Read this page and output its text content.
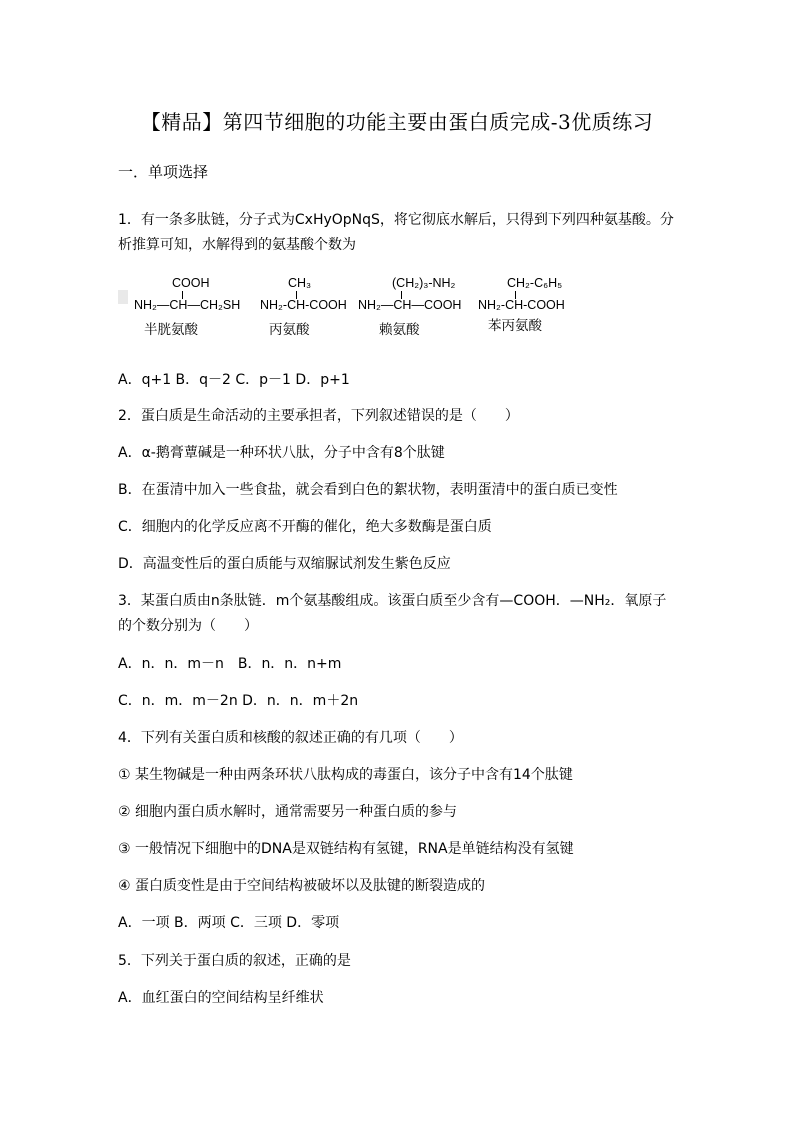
【精品】第四节细胞的功能主要由蛋白质完成-3优质练习
一．单项选择
1．有一条多肽链，分子式为CxHyOpNqS，将它彻底水解后，只得到下列四种氨基酸。分
析推算可知，水解得到的氨基酸个数为
COOH
NH₂—CH—CH₂SH
半胱氨酸
CH₃
NH₂-CH-COOH
丙氨酸
(CH₂)₃-NH₂
NH₂—CH—COOH
赖氨酸
CH₂-C₆H₅
NH₂-CH-COOH
苯丙氨酸
A．q+1 B．q－2 C．p－1 D．p+1
2．蛋白质是生命活动的主要承担者，下列叙述错误的是（　　）
A．α-鹅膏蕈碱是一种环状八肽，分子中含有8个肽键
B．在蛋清中加入一些食盐，就会看到白色的絮状物，表明蛋清中的蛋白质已变性
C．细胞内的化学反应离不开酶的催化，绝大多数酶是蛋白质
D．高温变性后的蛋白质能与双缩脲试剂发生紫色反应
3．某蛋白质由n条肽链．m个氨基酸组成。该蛋白质至少含有—COOH．—NH₂．氧原子
的个数分别为（　　）
A．n．n．m－n　B．n．n．n+m
C．n．m．m－2n D．n．n．m＋2n
4．下列有关蛋白质和核酸的叙述正确的有几项（　　）
① 某生物碱是一种由两条环状八肽构成的毒蛋白，该分子中含有14个肽键
② 细胞内蛋白质水解时，通常需要另一种蛋白质的参与
③ 一般情况下细胞中的DNA是双链结构有氢键，RNA是单链结构没有氢键
④ 蛋白质变性是由于空间结构被破坏以及肽键的断裂造成的
A．一项 B．两项 C．三项 D．零项
5．下列关于蛋白质的叙述，正确的是
A．血红蛋白的空间结构呈纤维状
